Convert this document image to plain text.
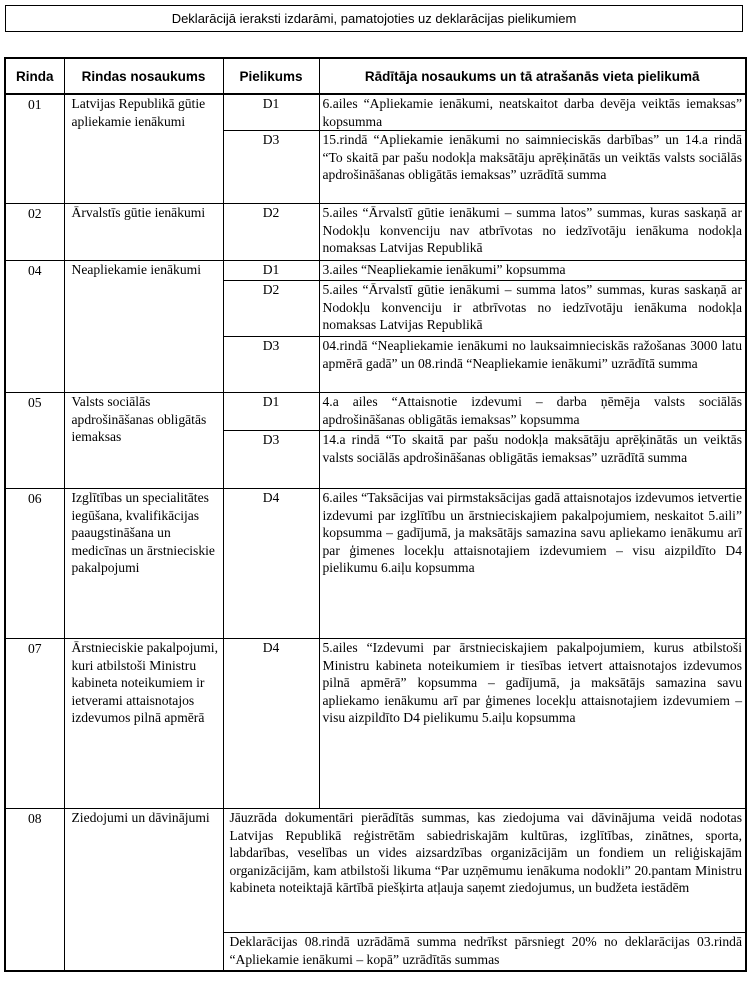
Deklarācijā ieraksti izdarāmi, pamatojoties uz deklarācijas pielikumiem
Rinda	Rindas nosaukums	Pielikums	Rādītāja nosaukums un tā atrašanās vieta pielikumā
01	Latvijas Republikā gūtie apliekamie ienākumi	D1	6.ailes “Apliekamie ienākumi, neatskaitot darba devēja veiktās iemaksas” kopsumma
		D3	15.rindā “Apliekamie ienākumi no saimnieciskās darbības” un 14.a rindā “To skaitā par pašu nodokļa maksātāju aprēķinātās un veiktās valsts sociālās apdrošināšanas obligātās iemaksas” uzrādītā summa
02	Ārvalstīs gūtie ienākumi	D2	5.ailes “Ārvalstī gūtie ienākumi – summa latos” summas, kuras saskaņā ar Nodokļu konvenciju nav atbrīvotas no iedzīvotāju ienākuma nodokļa nomaksas Latvijas Republikā
04	Neapliekamie ienākumi	D1	3.ailes “Neapliekamie ienākumi” kopsumma
		D2	5.ailes “Ārvalstī gūtie ienākumi – summa latos” summas, kuras saskaņā ar Nodokļu konvenciju ir atbrīvotas no iedzīvotāju ienākuma nodokļa nomaksas Latvijas Republikā
		D3	04.rindā “Neapliekamie ienākumi no lauksaimnieciskās ražošanas 3000 latu apmērā gadā” un 08.rindā “Neapliekamie ienākumi” uzrādītā summa
05	Valsts sociālās apdrošināšanas obligātās iemaksas	D1	4.a ailes “Attaisnotie izdevumi – darba ņēmēja valsts sociālās apdrošināšanas obligātās iemaksas” kopsumma
		D3	14.a rindā “To skaitā par pašu nodokļa maksātāju aprēķinātās un veiktās valsts sociālās apdrošināšanas obligātās iemaksas” uzrādītā summa
06	Izglītības un specialitātes iegūšana, kvalifikācijas paaugstināšana un medicīnas un ārstnieciskie pakalpojumi	D4	6.ailes “Taksācijas vai pirmstaksācijas gadā attaisnotajos izdevumos ietvertie izdevumi par izglītību un ārstnieciskajiem pakalpojumiem, neskaitot 5.aili” kopsumma – gadījumā, ja maksātājs samazina savu apliekamo ienākumu arī par ģimenes locekļu attaisnotajiem izdevumiem – visu aizpildīto D4 pielikumu 6.aiļu kopsumma
07	Ārstnieciskie pakalpojumi, kuri atbilstoši Ministru kabineta noteikumiem ir ietverami attaisnotajos izdevumos pilnā apmērā	D4	5.ailes “Izdevumi par ārstnieciskajiem pakalpojumiem, kurus atbilstoši Ministru kabineta noteikumiem ir tiesības ietvert attaisnotajos izdevumos pilnā apmērā” kopsumma – gadījumā, ja maksātājs samazina savu apliekamo ienākumu arī par ģimenes locekļu attaisnotajiem izdevumiem – visu aizpildīto D4 pielikumu 5.aiļu kopsumma
08	Ziedojumi un dāvinājumi	Jāuzrāda dokumentāri pierādītās summas, kas ziedojuma vai dāvinājuma veidā nodotas Latvijas Republikā reģistrētām sabiedriskajām kultūras, izglītības, zinātnes, sporta, labdarības, veselības un vides aizsardzības organizācijām un fondiem un reliģiskajām organizācijām, kam atbilstoši likuma “Par uzņēmumu ienākuma nodokli” 20.pantam Ministru kabineta noteiktajā kārtībā piešķirta atļauja saņemt ziedojumus, un budžeta iestādēm	
		Deklarācijas 08.rindā uzrādāmā summa nedrīkst pārsniegt 20% no deklarācijas 03.rindā “Apliekamie ienākumi – kopā” uzrādītās summas	
